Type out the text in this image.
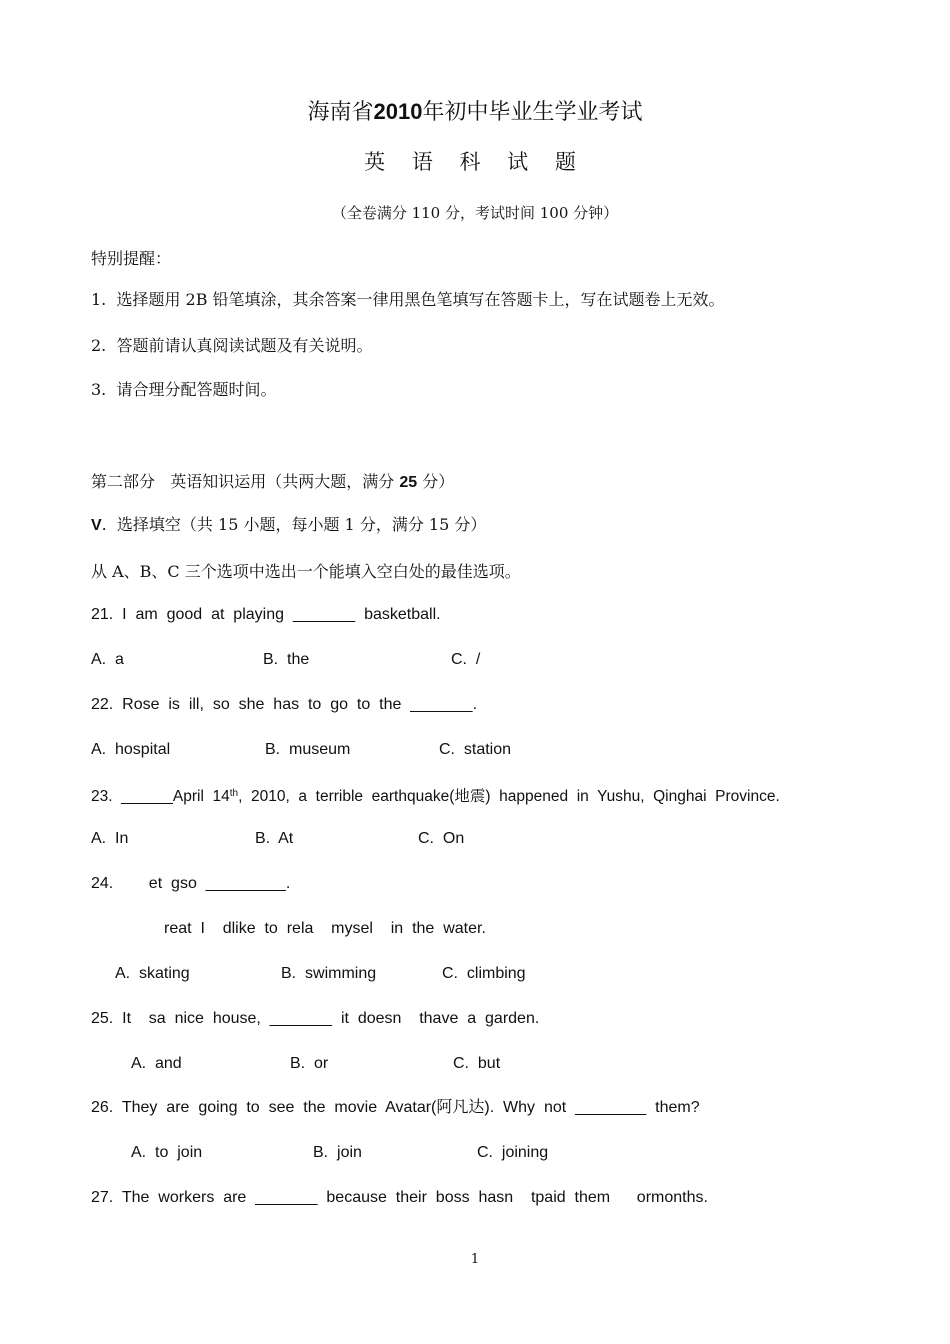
海南省2010年初中毕业生学业考试
英 语 科 试 题
（全卷满分 110 分，考试时间 100 分钟）
特别提醒：
1.  选择题用 2B 铅笔填涂，其余答案一律用黑色笔填写在答题卡上，写在试题卷上无效。
2.  答题前请认真阅读试题及有关说明。
3.  请合理分配答题时间。
第二部分   英语知识运用（共两大题，满分 25 分）
V.  选择填空（共 15 小题，每小题 1 分，满分 15 分）
从 A、B、C 三个选项中选出一个能填入空白处的最佳选项。
21.  I  am  good  at  playing  _______  basketball.
A.  a	B.  the	C.  /
22.  Rose  is  ill,  so  she  has  to  go  to  the  _______.
A.  hospital	B.  museum	C.  station
23.  ______April  14th,  2010,  a  terrible  earthquake(地震)  happened  in  Yushu,  Qinghai  Province.
A.  In	B.  At	C.  On
24.        et  gso  _________.
reat  I    dlike  to  rela    mysel    in  the  water.
A.  skating	B.  swimming	C.  climbing
25.  It    sa  nice  house,  _______  it  doesn    thave  a  garden.
A.  and	B.  or	C.  but
26.  They  are  going  to  see  the  movie  Avatar(阿凡达).  Why  not  ________  them?
A.  to  join	B.  join	C.  joining
27.  The  workers  are  _______  because  their  boss  hasn    tpaid  them      ormonths.
1
